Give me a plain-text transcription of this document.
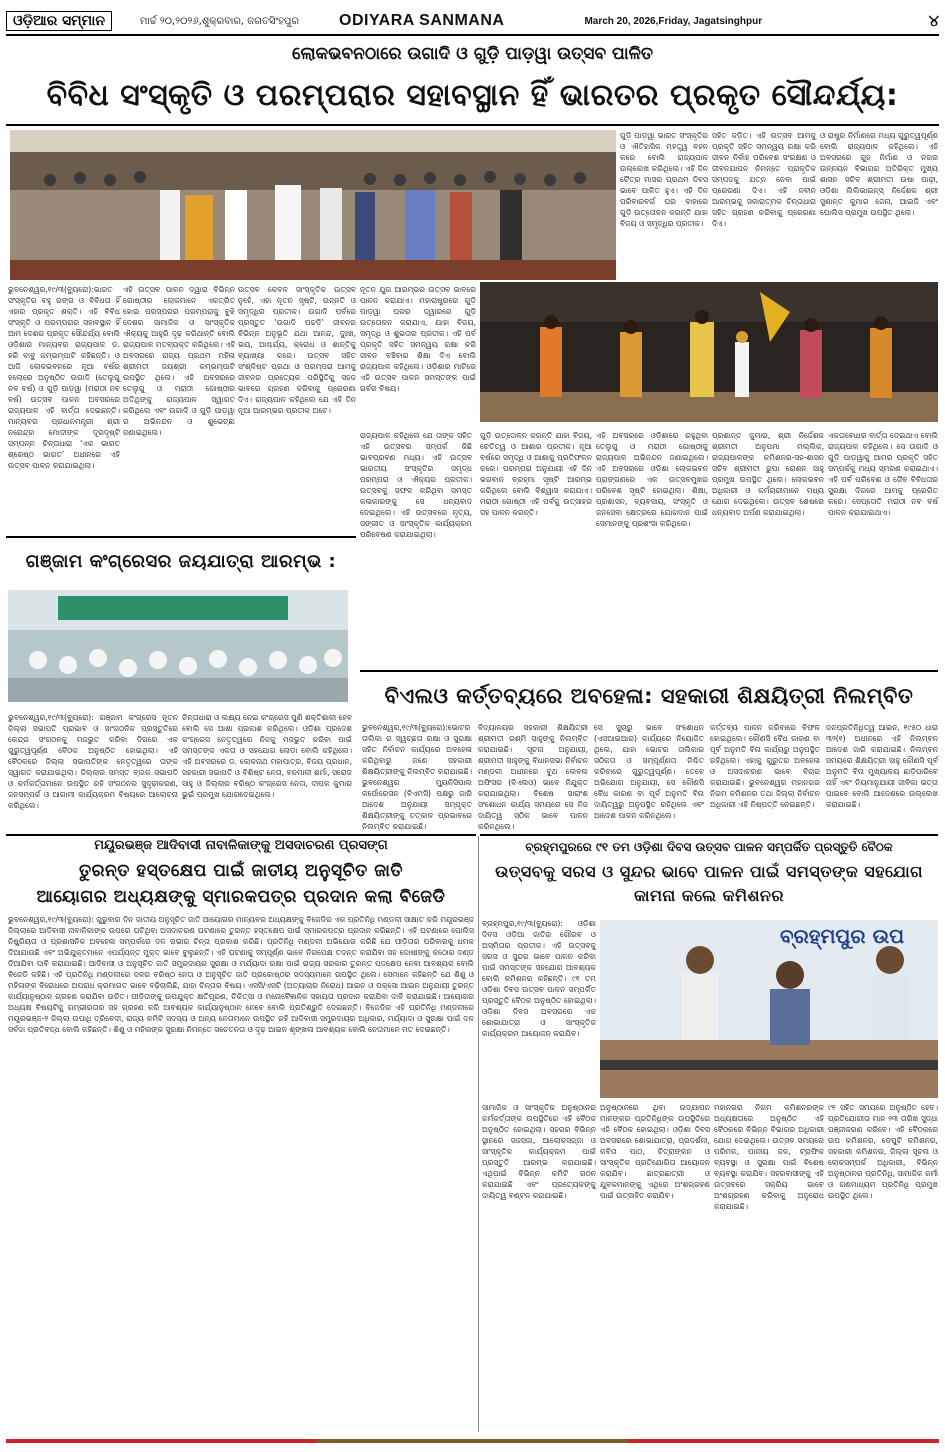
ଓଡ଼ିଆର ସମ୍ମାନ	ମାର୍ଚ୍ଚ ୨୦,୨୦୨୬,ଶୁକ୍ରବାର, ଜଗତସିଂହପୁର	ODIYARA SANMANA	March 20, 2026,Friday, Jagatsinghpur	୪
ଲୋକଭବନଠାରେ ଉଗାଦି ଓ ଗୁଡ଼ି ପାଡ଼ୱା ଉତ୍ସବ ପାଳିତ
ବିବିଧ ସଂସ୍କୃତି ଓ ପରମ୍ପରାର ସହାବସ୍ଥାନ ହିଁ ଭାରତର ପ୍ରକୃତ ସୌନ୍ଦର୍ଯ୍ୟ:
ଭୁବନେଶ୍ୱର,୧୯/୩(ବ୍ୟୁରୋ):ଭାରତ ସଂସ୍କୃତିର ବହୁ ରଙ୍ଗ ଓ ବିବିଧତା ହିଁ ଏହାର ପ୍ରକୃତ ଶକ୍ତି। ଏହି ବିବିଧ ସଂସ୍କୃତି ଓ ପରମ୍ପରାର ସହାବସ୍ଥାନ ହିଁ ଆମ ଦେଶର ପ୍ରକୃତ ସୌନ୍ଦର୍ଯ୍ୟ ବୋଲି ଓଡ଼ିଶାର ମାନ୍ୟବର ରାଜ୍ୟପାଳ ଡ. ହରି ବାବୁ କମ୍ଭମ୍ପାଟି କହିଛନ୍ତି। ଓ ଆଜି ଲୋକଭବନରେ ନୂଆ ବର୍ଷର ହଲୋରେ ଅନୁଷ୍ଠିତ ଉଗାଦି (ତେଲୁଗୁ ନବ ବର୍ଷ) ଓ ଗୁଡ଼ି ପାଡ଼ୱା (ମରାଠୀ ନବ ବର୍ଷ) ଉତ୍ସବ ପାଳନ ଅବସରରେ ରାଜ୍ୟପାଳ ଏହି ବାର୍ତ୍ତା ଦେଇଛନ୍ତି। ମାନ୍ୟବର ପ୍ରଧାନମନ୍ତ୍ରୀ ଶ୍ରୀ ନରେନ୍ଦ୍ର ମୋଦୀଙ୍କ ଦୂରଦୃଷ୍ଟି ସମ୍ପନ୍ନ ଚିନ୍ତାଧାରା ‘ଏକ ଭାରତ ଶ୍ରେଷ୍ଠ ଭାରତ’ ଅଧୀନରେ ଏହି ଉତ୍ସବ ପାଳନ କରାଯାଇଥିଲା।
ଏହି ଉତ୍ସବ ପାଳନ ଦ୍ୱାରା ବିଭିନ୍ନ ଗୋଷ୍ଠୀର ଲୋକମାନେ ଏକତ୍ରିତ ହୋଇ ପରସ୍ପରର ପରମ୍ପରାକୁ ବୁଝି ଦେଶର ସାମାଜିକ ଓ ସାଂସ୍କୃତିକ ଐକ୍ୟକୁ ଆହୁରି ଦୃଢ଼ କରିଥାନ୍ତି ବୋଲି ରାଜ୍ୟପାଳ ମତବ୍ୟକ୍ତ କରିଥିଲେ। ଏହି ଅବସରରେ ରାଜ୍ୟ ପ୍ରଥମ ମହିଳା ଶ୍ରୀମତୀ ଜୟଶ୍ରୀ କମ୍ଭମ୍ପାଟି ଉପସ୍ଥିତ ଥିଲେ। ଏହି ଅବସରରେ ତେଲୁଗୁ ଓ ମରାଠୀ ଗୋଷ୍ଠୀର ଅତିଥିଙ୍କୁ ରାଜ୍ୟପାଳ ସ୍ୱାଗତ କରିଥିଲେ ଏବଂ ଉଗାଦି ଓ ଗୁଡ଼ି ପାଡ଼ୱା ର ଅଭିନନ୍ଦନ ଓ ଶୁଭେଚ୍ଛା ଜଣାଇଥିଲେ।
ଉତ୍ସବ କେବଳ ସାଂସ୍କୃତିକ ଉତ୍ସବ ନୁହେଁ, ଏହା ନୂତନ ସୃଷ୍ଟି, ଉନ୍ନତି ଓ ସମୃଦ୍ଧିର ପ୍ରତୀକ। ଉଗାଦି ପର୍ବରେ ପ୍ରସ୍ତୁତ ‘ଉଗାଦି ପଚ୍ଚଡ଼ି’ ଜୀବନର ବିଭିନ୍ନ ଅନୁଭୂତି ଯଥା ଆନନ୍ଦ, ଦୁଃଖ, ଭୟ, ଆଶ୍ଚର୍ଯ୍ୟ, କ୍ରୋଧ ଓ ଶାନ୍ତିକୁ ବ୍ୟାଖ୍ୟା କରେ। ଉତ୍ସବ ସହିତ ସଂଶ୍ଳିଷ୍ଟ ପ୍ରଥା ଓ ପରମ୍ପରା ଆମକୁ ଜୀବନର ପ୍ରତ୍ୟେକ ପରିସ୍ଥିତିକୁ ସହଜ ଭାବରେ ଗ୍ରହଣ କରିବାକୁ ପ୍ରେରଣା ଦିଏ। ରାଜ୍ୟପାଳ କହିଥିଲେ ଯେ ଏହି ଦିନ ନୂଆ ଆରମ୍ଭର ପ୍ରତୀକ ଅଟେ।
ନୂତନ ଯୁଗ ଆରମ୍ଭର ଉତ୍ସବ ଭାବରେ ପାଳନ କରାଯାଏ। ମହାରାଷ୍ଟ୍ରରେ ଗୁଡ଼ି ପାଡ଼ୱା ଘରର ଦ୍ୱାରରେ ଗୁଡ଼ି ଉତ୍ତୋଳନ କରାଯାଏ, ଯାହା ବିଜୟ, ସମୃଦ୍ଧି ଓ ଶୁଭତାର ପ୍ରତୀକ। ଏହି ପର୍ବ ପ୍ରକୃତି ସହିତ ସମନ୍ୱୟ ରକ୍ଷା କରି ଜୀବନ ବଞ୍ଚିବାର ଶିକ୍ଷା ଦିଏ ବୋଲି ରାଜ୍ୟପାଳ କହିଥିଲେ। ଓଡ଼ିଶାର ମାଟିରେ ଏହି ଉତ୍ସବ ପାଳନ ସମସ୍ତଙ୍କ ପାଇଁ ଗର୍ବର ବିଷୟ।
ଗୁଡ଼ି ପାଡ଼ୱା ଭାରତ ସଂସ୍କୃତିର ଓ ଐତିହାସିକ ମହତ୍ତ୍ୱ ବହନ କରେ ବୋଲି ରାଜ୍ୟପାଳ ଉଲ୍ଲେଖ କରିଥିଲେ। ଏହି ଦିନ ଚୈତ୍ର ମାସର ପ୍ରଥମ ଦିବସ ଭାବେ ପାଳିତ ହୁଏ। ଏହି ଦିନ ପରିବାରବର୍ଗ ଘର ବାହାରେ ଗୁଡ଼ି ଉତ୍ତୋଳନ କରନ୍ତି ଯାହା ବିଜୟ ଓ ସମୃଦ୍ଧିର ପ୍ରତୀକ।
ସହିତ ଜଡ଼ିତ। ଏହି ଉତ୍ସବ ଆମକୁ ପ୍ରକୃତି ସହିତ ସମନ୍ୱୟ ରକ୍ଷା କରି ଜୀବନ ନିର୍ବାହ ପରିବେଶ ସଂରକ୍ଷଣ ଓ ଜୀବନଯାପନ ନିମନ୍ତେ ପ୍ରାକୃତିକ ସମ୍ପଦକୁ ଯତ୍ନ ନେବା ପାଇଁ ପ୍ରେରଣା ଦିଏ। ଏହି ନବୀନ ଆରମ୍ଭକୁ ସକାରାତ୍ମକ ଚିନ୍ତାଧାରା ସହିତ ଗ୍ରହଣ କରିବାକୁ ପ୍ରେରଣା ଦିଏ।
ଓ ରାଷ୍ଟ୍ର ନିର୍ମାଣରେ ମଧ୍ୟ ଗୁରୁତ୍ୱପୂର୍ଣ୍ଣ ବୋଲି ରାଜ୍ୟପାଳ କହିଥିଲେ। ଏହି ଅବସରରେ ଗୁହ ନିର୍ମାଣ ଓ ନଗର ଉନ୍ନୟନ ବିଭାଗର ଅତିରିକ୍ତ ମୁଖ୍ୟ ଶାସନ ସଚିବ ଶ୍ରୀମତୀ ଉଷା ପାଢ଼ୀ, ଓଡ଼ିଶା ଲିଲିଭାଇନ୍ସ୍ ନିର୍ଦ୍ଦେଶକ ଶ୍ରୀ ସୁଶାନ୍ତ କୁମାର ଜେନା, ଆଇଜି ଏବଂ ପୋଲିସ ପ୍ରମୁଖ ଉପସ୍ଥିତ ଥିଲେ।
ରାଜ୍ୟପାଳ କହିଥିଲେ ଯେ ତାଙ୍କ ସହିତ ଏହି ଉତ୍ସବର ସମ୍ପର୍କ କିଛି ଭାବପ୍ରବଣ ମଧ୍ୟ। ଏହି ଉତ୍ସବ ଭାରତୀୟ ସଂସ୍କୃତିର ସମୃଦ୍ଧ ପରମ୍ପରା ଓ ଐକ୍ୟର ପ୍ରତୀକ। ଉତ୍ସବକୁ ସଫଳ କରିଥିବା ସମସ୍ତ କଳାକାରଙ୍କୁ ସେ ଧନ୍ୟବାଦ ଦେଇଥିଲେ। ଏହି ଉତ୍ସବରେ ନୃତ୍ୟ, ସଙ୍ଗୀତ ଓ ସାଂସ୍କୃତିକ କାର୍ଯ୍ୟକ୍ରମ ପରିବେଷଣ କରାଯାଇଥିଲା।
ଗୁଡ଼ି ଉତ୍ତୋଳନ କରନ୍ତି ଯାହା ବିଜୟ, ଚେତିତ୍ୱ ଓ ଆଶାର ପ୍ରତୀକ। ନୂଆ ବର୍ଷରେ ସମୃଦ୍ଧି ଓ ଆଶାକୁ ପ୍ରତିଫଳନ କରେ। ପରମ୍ପରା ଅନୁଯାୟୀ ଏହି ଦିନ ଭଗବାନ ବ୍ରହ୍ମା ସୃଷ୍ଟି ଆରମ୍ଭ କରିଥିଲେ ବୋଲି ବିଶ୍ୱାସ କରାଯାଏ। ମରାଠୀ ଗୋଷ୍ଠୀ ଏହି ପର୍ବକୁ ଉତ୍ସାହର ସହ ପାଳନ କରନ୍ତି।
ଏହି ଅବସରରେ ଓଡ଼ିଶାରେ ରହୁଥିବା ତେଲୁଗୁ ଓ ମରାଠୀ ଗୋଷ୍ଠୀକୁ ରାଜ୍ୟପାଳ ଅଭିନନ୍ଦନ ଜଣାଇଥିଲେ। ଏହି ଅବସରରେ ଓଡ଼ିଶା ଲୋକଭବନ ପ୍ରାଙ୍ଗଣରେ ଏକ ଉତ୍ସବମୁଖର ପରିବେଶ ସୃଷ୍ଟି ହୋଇଥିଲା। ଶିକ୍ଷା, ପ୍ରଶାସନ, ବ୍ୟବସାୟ, ସଂସ୍କୃତି ଓ ଜନସେବା କ୍ଷେତ୍ରରେ ଯୋଗଦାନ ପାଇଁ ସେମାନଙ୍କୁ ପ୍ରଶଂସା କରିଥିଲେ।
ପ୍ରଶାନ୍ତ କୁମାର, ଶ୍ରୀ ନିର୍ଦ୍ଦେଶକ ଶ୍ରୀମତୀ ଅନୁପମା ମଲ୍ଲିକ, ରାଜ୍ୟପାଳଙ୍କ କମିଶନର-ସହ-ଶାସନ ସଚିବ ଶ୍ରୀମତୀ ରୁପା ରୋଶନ ସାହୁ ପ୍ରମୁଖ ଉପସ୍ଥିତ ଥିଲେ। ଲୋକଭବନ ଅଧିକାରୀ ଓ କର୍ମଚାରୀମାନେ ମଧ୍ୟ ଯୋଗ ଦେଇଥିଲେ। ଉତ୍ସବ ଶେଷରେ ଧନ୍ୟବାଦ ଅର୍ପଣ କରାଯାଇଥିଲା।
ଏକତାବୋଧର ବାର୍ତ୍ତା ଦେଇଥାଏ ବୋଲି ରାଜ୍ୟପାଳ କହିଥିଲେ। ସେ ଉଗାଦି ଓ ଗୁଡ଼ି ପାଡ଼ୱାକୁ ଆମର ପ୍ରକୃତି ସହିତ ସମ୍ପର୍କକୁ ମଧ୍ୟ ସ୍ମରଣ କରାଇଥାଏ। ଏହି ପର୍ବ ପରିବେଶ ଓ ଜୈବ ବିବିଧତାର ସୁରକ୍ଷା ଦିଗରେ ଆମକୁ ପ୍ରେରିତ କରେ। ସେପ୍ତୋତି ମରାଠୀ ନବ ବର୍ଷ ପାଳନ କରାଯାଇଥାଏ।
ଗଞ୍ଜାମ କଂଗ୍ରେସର ଜୟଯାତ୍ରା ଆରମ୍ଭ :
ଭୁବନେଶ୍ୱର,୧୯/୩(ବ୍ୟୁରୋ): ଗଞ୍ଜାମ କଂଗ୍ରେସ ନୂତନ ଜିଲ୍ଲା ସଭାପତି ପ୍ରଭାବ ଓ ସାଂଗଠନିକ ପ୍ରସ୍ତୁତିରେ କେନ୍ଦ୍ର ସଂଗଠନକୁ ମଜଭୁତ କରିବା ଦିଗରେ ଏକ ଗୁରୁତ୍ୱପୂର୍ଣ୍ଣ ବୈଠକ ଅନୁଷ୍ଠିତ ହୋଇଥିଲା। ଏହି ବୈଠକରେ ଜିଲ୍ଲା ସଭାପତିଙ୍କ ନେତୃତ୍ୱରେ ତାଙ୍କ ସ୍ୱାଗତ କରାଯାଇଥିଲା। ଜିଲ୍ଲାର ସମସ୍ତ ବ୍ଲକ ସଭାପତି ଓ କର୍ମକର୍ତ୍ତାମାନେ ଉପସ୍ଥିତ ରହି ସଂଗଠନର ସୁଦୃଢ଼ୀକରଣ, ଜନସମ୍ପର୍କ ଓ ଆଗାମୀ କାର୍ଯ୍ୟକ୍ରମ ବିଷୟରେ ଆଲୋଚନା କରିଥିଲେ।
ଚିନ୍ତାଧାରା ଓ ଲକ୍ଷ୍ୟ ନେଇ କଂଗ୍ରେସ ପୁଣି ଶକ୍ତିଶାଳୀ ହେବ ବୋଲି ସେ ଆଶା ପ୍ରକାଶ କରିଥିଲେ। ଓଡ଼ିଶା ପ୍ରଦେଶ କଂଗ୍ରେସ ନେତୃତ୍ୱରେ ନିଜକୁ ମଜଭୁତ କରିବା ପାଇଁ ସମସ୍ତଙ୍କ ଏକତା ଓ ସହଯୋଗ ଲୋଡ଼ା ବୋଲି କହିଥିଲେ। ଏହି ଅବସରରେ ଡ. ଲୋକନାଥ ମହାପାତ୍ର, ବିଜୟ ପ୍ରଧାନ, ସହକାରୀ ସଭାପତି ଓ ବିଶିଷ୍ଟ ନେତା, ବନମାଳୀ ଶର୍ମା, ସରୋଜ ସାହୁ ଓ ଜିଲ୍ଲାର ବରିଷ୍ଠ କଂଗ୍ରେସ ନେତା, ଦୀପକ କୁମାର ଭୁଇଁ ପ୍ରମୁଖ ଯୋଗଦେଇଥିଲେ।
ବିଏଲଓ କର୍ତ୍ତବ୍ୟରେ ଅବହେଳା: ସହକାରୀ ଶିକ୍ଷୟିତ୍ରୀ ନିଲମ୍ବିତ
ଭୁବନେଶ୍ୱର,୧୯/୩(ବ୍ୟୁରୋ):ଭୋଟର ତାଲିକା ର ସ୍ୱଚ୍ଛତା ରକ୍ଷା ଓ ସୁରକ୍ଷା ସହିତ ନିର୍ବାଚନ କାର୍ଯ୍ୟରେ ଅବହେଳା କରିଥିବାରୁ ଜଣେ ସହକାରୀ ଶିକ୍ଷୟିତ୍ରୀଙ୍କୁ ନିଲମ୍ବିତ କରାଯାଇଛି। ଭୁବନେଶ୍ୱର ମ୍ୟୁନିସିପାଲ କର୍ପୋରେସନ (ବିଏମସି) ପକ୍ଷରୁ ଜାରି ଆଦେଶ ଅନୁଯାୟୀ ସମ୍ପୃକ୍ତ ଶିକ୍ଷୟିତ୍ରୀଙ୍କୁ ତତ୍କାଳ ପ୍ରଭାବରେ ନିଲମ୍ବିତ କରାଯାଇଛି।
ବିଦ୍ୟାଳୟର ସହକାରୀ ଶିକ୍ଷୟିତ୍ରୀ ଶ୍ରୀମତୀ ରଶ୍ମି ସାହୁଙ୍କୁ ନିଲମ୍ବିତ କରାଯାଇଛି। ସୂଚନା ଅନୁଯାୟୀ, ଶ୍ରୀମତୀ ସାହୁଙ୍କୁ ବିଧାନସଭା ନିର୍ବାଚନ ମଣ୍ଡଳୀ ଅଧୀନରେ ବୁଥ ଲେବଲ ଅଫିସର (ବିଏଲଓ) ଭାବେ ନିଯୁକ୍ତ କରାଯାଇଥିଲା। ବିଶେଷ ସାରାଂଶ ସଂଶୋଧନ କାର୍ଯ୍ୟ ସମୟରେ ସେ ନିଜ ଦାୟିତ୍ୱ ସଠିକ ଭାବେ ପାଳନ କରିନଥିଲେ।
ସେ ସୁଚାରୁ ଭାବେ ସଂଶୋଧନ (ଏସଆଇଆର) କାର୍ଯ୍ୟରେ ନିୟୋଜିତ ଥିଲେ, ଯାହା ଭୋଟର ତାଲିକାର ସଠିକତା ଓ ସମ୍ପୂର୍ଣ୍ଣତା ନିଶ୍ଚିତ କରିବାରେ ଗୁରୁତ୍ୱପୂର୍ଣ୍ଣ। ତେବେ ଅଭିଯୋଗ ଅନୁଯାୟୀ, ସେ କୌଣସି ବୈଧ କାରଣ ବା ପୂର୍ବ ଅନୁମତି ବିନା ଦାୟିତ୍ୱରୁ ଅନୁପସ୍ଥିତ ରହିଥିଲେ ଏବଂ ଆଦେଶ ପାଳନ କରିନଥିଲେ।
କର୍ତ୍ତବ୍ୟ ପାଳନ କରିବାରେ ବିଫଳ ହୋଇଥିଲେ। କୌଣସି ବୈଧ କାରଣ ବା ପୂର୍ବ ଅନୁମତି ବିନା କାର୍ଯ୍ୟରୁ ଅନୁପସ୍ଥିତ ରହିଥିଲେ। ଏହାକୁ ଗୁରୁତର ଅବହେଳା ଓ ଅସଦାଚରଣ ଭାବେ ବିଚାର କରାଯାଇଛି। ଭୁବନେଶ୍ୱର ମହାନଗର ନିଗମ କମିଶନର ତଥା ଜିଲ୍ଲା ନିର୍ବାଚନ ଅଧିକାରୀ ଏହି ନିଷ୍ପତ୍ତି ନେଇଛନ୍ତି।
ଜନପ୍ରତିନିଧିତ୍ୱ ଆଇନ, ୧୯୫୦ ଧାରା ୩୨(୧) ଅଧୀନରେ ଏହି ନିଲମ୍ବନ ଆଦେଶ ଜାରି କରାଯାଇଛି। ନିଲମ୍ବନ ସମୟରେ ଶିକ୍ଷୟିତ୍ରୀ ସାହୁ କୌଣସି ପୂର୍ବ ଅନୁମତି ବିନା ମୁଖ୍ୟାଳୟ ଛାଡ଼ିପାରିବେ ନାହିଁ ଏବଂ ନିୟମାନୁଯାୟୀ ଜୀବିକା ଭତ୍ତା ପାଇବେ ବୋଲି ଆଦେଶରେ ଉଲ୍ଲେଖ କରାଯାଇଛି।
ମୟୂରଭଞ୍ଜ ଆଦିବାସୀ ନାବାଳିକାଙ୍କୁ ଅସଦାଚରଣ ପ୍ରସଙ୍ଗ
ତୁରନ୍ତ ହସ୍ତକ୍ଷେପ ପାଇଁ ଜାତୀୟ ଅନୁସୂଚିତ ଜାତି
ଆୟୋଗର ଅଧ୍ୟକ୍ଷଙ୍କୁ ସ୍ମାରକପତ୍ର ପ୍ରଦାନ କଲା ବିଜେଡି
ଭୁବନେଶ୍ୱର,୧୯/୩(ବ୍ୟୁରୋ): ଗୁରୁବାର ଦିନ ଜାତୀୟ ଅନୁସୂଚିତ ଜାତି ଆୟୋଗର ମାନ୍ୟବର ଅଧ୍ୟକ୍ଷଙ୍କୁ ବିଜେଡିର ଏକ ପ୍ରତିନିଧି ମଣ୍ଡଳୀ ସାକ୍ଷାତ କରି ମୟୂରଭଞ୍ଜ ଜିଲ୍ଲାରେ ଆଦିବାସୀ ନାବାଳିକାଙ୍କ ଉପରେ ଘଟିଥିବା ଅସଦାଚରଣ ଘଟଣାରେ ତୁରନ୍ତ ହସ୍ତକ୍ଷେପ ପାଇଁ ସ୍ମାରକପତ୍ର ପ୍ରଦାନ କରିଛନ୍ତି। ଏହି ଘଟଣାରେ ପୋଲିସ ନିଷ୍କ୍ରିୟତା ଓ ପ୍ରଶାସନିକ ଅବହେଳା ସମ୍ପର୍କରେ ଦଳ ଗଭୀର ଚିନ୍ତା ପ୍ରକାଶ କରିଛି। ପ୍ରତିନିଧି ମଣ୍ଡଳୀ ଅଭିଯୋଗ କରିଛି ଯେ ପୀଡ଼ିତାର ପରିବାରକୁ ଧମକ ଦିଆଯାଉଛି ଏବଂ ଅଭିଯୁକ୍ତମାନେ ଏପର୍ଯ୍ୟନ୍ତ ମୁକ୍ତ ଭାବେ ବୁଲୁଛନ୍ତି। ଏହି ଘଟଣାକୁ ସମ୍ପୂର୍ଣ୍ଣ ଭାବେ ନିରପେକ୍ଷ ତଦନ୍ତ କରାଯିବା ସହ ଦୋଷୀଙ୍କୁ କଠୋର ଦଣ୍ଡ ଦିଆଯିବା ଦାବି କରାଯାଇଛି। ଆଦିବାସୀ ଓ ଅନୁସୂଚିତ ଜାତି ସମ୍ପ୍ରଦାୟର ସୁରକ୍ଷା ଓ ମର୍ଯ୍ୟାଦା ରକ୍ଷା ପାଇଁ ରାଜ୍ୟ ସରକାର ତୁରନ୍ତ ପଦକ୍ଷେପ ନେବା ଆବଶ୍ୟକ ବୋଲି ବିଜେଡି କହିଛି। ଏହି ପ୍ରତିନିଧି ମଣ୍ଡଳୀରେ ଦଳର ବରିଷ୍ଠ ନେତା ଓ ଅନୁସୂଚିତ ଜାତି ପ୍ରକୋଷ୍ଠର ସଦସ୍ୟମାନେ ଉପସ୍ଥିତ ଥିଲେ। ସେମାନେ କହିଛନ୍ତି ଯେ ଶିଶୁ ଓ ମହିଳାଙ୍କ ବିରୋଧରେ ଅପରାଧ କ୍ରମାଗତ ଭାବେ ବଢ଼ିଚାଲିଛି, ଯାହା ଚିନ୍ତାର ବିଷୟ। ଏସସି/ଏସଟି (ଅତ୍ୟାଚାର ନିରୋଧ) ଆଇନ ଓ ପକ୍ସୋ ଆଇନ ଅନୁଯାୟୀ ତୁରନ୍ତ କାର୍ଯ୍ୟାନୁଷ୍ଠାନ ଗ୍ରହଣ କରାଯିବା ଉଚିତ। ପୀଡ଼ିତାଙ୍କୁ ଉପଯୁକ୍ତ କ୍ଷତିପୂରଣ, ଚିକିତ୍ସା ଓ ମନୋବୈଜ୍ଞାନିକ ସହାୟତା ପ୍ରଦାନ କରାଯିବା ଦାବି କରାଯାଇଛି। ଆୟୋଗର ଅଧ୍ୟକ୍ଷ ବିଷୟଟିକୁ ଗମ୍ଭୀରତାର ସହ ଗ୍ରହଣ କରି ଆବଶ୍ୟକ କାର୍ଯ୍ୟାନୁଷ୍ଠାନ ନେବେ ବୋଲି ପ୍ରତିଶ୍ରୁତି ଦେଇଛନ୍ତି। ବିଜେଡିର ଏହି ପ୍ରତିନିଧି ମଣ୍ଡଳୀରେ ମୟୂରଭଞ୍ଜ-୨ ଜିଲ୍ଲା ଉପାଧି ତ୍ରିବେଦୀ, ରାଜ୍ୟ କମିଟି ସଦସ୍ୟ ଓ ଅନ୍ୟ ନେତାମାନେ ଉପସ୍ଥିତ ରହି ଆଦିବାସୀ ସମ୍ପ୍ରଦାୟର ଅଧିକାର, ମର୍ଯ୍ୟାଦା ଓ ସୁରକ୍ଷା ପାଇଁ ଦଳ ସର୍ବଦା ପ୍ରତିବଦ୍ଧ ବୋଲି କହିଛନ୍ତି। ଶିଶୁ ଓ ମହିଳାଙ୍କ ସୁରକ୍ଷା ନିମନ୍ତେ ସଚେତନତା ଓ ଦୃଢ଼ ଆଇନ ଶୃଙ୍ଖଳା ଆବଶ୍ୟକ ବୋଲି ନେତାମାନେ ମତ ଦେଇଛନ୍ତି।
ବ୍ରହ୍ମପୁରରେ ୯୧ ତମ ଓଡ଼ିଶା ଦିବସ ଉତ୍ସବ ପାଳନ ସମ୍ପର୍କିତ ପ୍ରସ୍ତୁତି ବୈଠକ
ଉତ୍ସବକୁ ସରସ ଓ ସୁନ୍ଦର ଭାବେ ପାଳନ ପାଇଁ ସମସ୍ତଙ୍କ ସହଯୋଗ କାମନା କଲେ କମିଶନର
ବ୍ରହ୍ମପୁର,୧୯/୩(ବ୍ୟୁରୋ): ଓଡ଼ିଶା ଦିବସ ଓଡ଼ିଆ ଜାତିର ଗୌରବ ଓ ଅସ୍ମିତାର ପ୍ରତୀକ। ଏହି ଉତ୍ସବକୁ ସରସ ଓ ସୁନ୍ଦର ଭାବେ ପାଳନ କରିବା ପାଇଁ ସମସ୍ତଙ୍କ ସହଯୋଗ ଆବଶ୍ୟକ ବୋଲି କମିଶନର କହିଛନ୍ତି। ୯୧ ତମ ଓଡ଼ିଶା ଦିବସ ଉତ୍ସବ ପାଳନ ସମ୍ପର୍କିତ ପ୍ରସ୍ତୁତି ବୈଠକ ଅନୁଷ୍ଠିତ ହୋଇଥିଲା। ଓଡ଼ିଶା ଦିବସ ଅବସରରେ ଏକ ଶୋଭାଯାତ୍ରା ଓ ସାଂସ୍କୃତିକ କାର୍ଯ୍ୟକ୍ରମ ଆୟୋଜନ କରାଯିବ।
ବ୍ରହ୍ମପୁର ଉପ
ସାମାଜିକ ଓ ସାଂସ୍କୃତିକ ଅନୁଷ୍ଠାନର କର୍ମକର୍ତ୍ତାଙ୍କ ଉପସ୍ଥିତିରେ ଏହି ବୈଠକ ଅନୁଷ୍ଠିତ ହୋଇଥିଲା। ସହରର ବିଭିନ୍ନ ସ୍ଥାନରେ ସଜସଜା, ଆଲୋକସଜ୍ଜା ଓ ସାଂସ୍କୃତିକ କାର୍ଯ୍ୟକ୍ରମ ପାଇଁ ପ୍ରସ୍ତୁତି ଆରମ୍ଭ କରାଯାଇଛି। ଏଥିପାଇଁ ବିଭିନ୍ନ କମିଟି ଗଠନ କରାଯାଇଛି ଏବଂ ପ୍ରତ୍ୟେକଙ୍କୁ ଦାୟିତ୍ୱ ବଣ୍ଟନ କରାଯାଇଛି।
ଅନୁଷ୍ଠାନରେ ଥିବା ଉଦ୍‌ଯାପନ ମାନଙ୍କର ପ୍ରତିନିଧିଙ୍କ ଉପସ୍ଥିତିରେ ଏହି ବୈଠକ ହୋଇଥିଲା। ଓଡ଼ିଶା ଦିବସ ଅବସରରେ ଶୋଭାଯାତ୍ରା, ପ୍ରଦର୍ଶନୀ, କବିତା ପାଠ, ଚିତ୍ରାଙ୍କନ ଓ ସାଂସ୍କୃତିକ ପ୍ରତିଯୋଗିତା ଆୟୋଜନ କରାଯିବ। ଛାତ୍ରଛାତ୍ରୀ ଓ ଯୁବକମାନଙ୍କୁ ଏଥିରେ ଅଂଶଗ୍ରହଣ ପାଇଁ ଉତ୍ସାହିତ କରାଯିବ।
ମହାନଗର ନିଗମ କମିଶନରଙ୍କ ଅଧ୍ୟକ୍ଷତାରେ ଅନୁଷ୍ଠିତ ଏହି ବୈଠକରେ ବିଭିନ୍ନ ବିଭାଗର ଅଧିକାରୀ ଯୋଗ ଦେଇଥିଲେ। ଉତ୍ସବ ସମୟରେ ପରିମଳ, ପାନୀୟ ଜଳ, ଟ୍ରାଫିକ ବ୍ୟବସ୍ଥା ଓ ସୁରକ୍ଷା ପାଇଁ ବିଶେଷ ବ୍ୟବସ୍ଥା କରାଯିବ। ସହରବାସୀଙ୍କୁ ଏହି ଉତ୍ସବରେ ସକ୍ରିୟ ଭାବେ ଅଂଶଗ୍ରହଣ କରିବାକୁ ଅନୁରୋଧ କରାଯାଇଛି।
୯୧ ସହିତ ସମୟରେ ଅନୁଷ୍ଠିତ ହେବ। ପ୍ରତିଯୋଗୀତା ମାନ ୨୩ ତାରିଖ ସୁଦ୍ଧା ପଞ୍ଜୀକରଣ କରିବେ। ଏହି ବୈଠକରେ ଉପ କମିଶନର, ଡେପୁଟି କମିଶନର, ସହକାରୀ କମିଶନର, ଜିଲ୍ଲା ସୂଚନା ଓ ଲୋକସମ୍ପର୍କ ଅଧିକାରୀ, ବିଭିନ୍ନ ଅନୁଷ୍ଠାନର ପ୍ରତିନିଧି, ସାମାଜିକ କର୍ମୀ ଓ ଗଣମାଧ୍ୟମ ପ୍ରତିନିଧି ପ୍ରମୁଖ ଉପସ୍ଥିତ ଥିଲେ।
